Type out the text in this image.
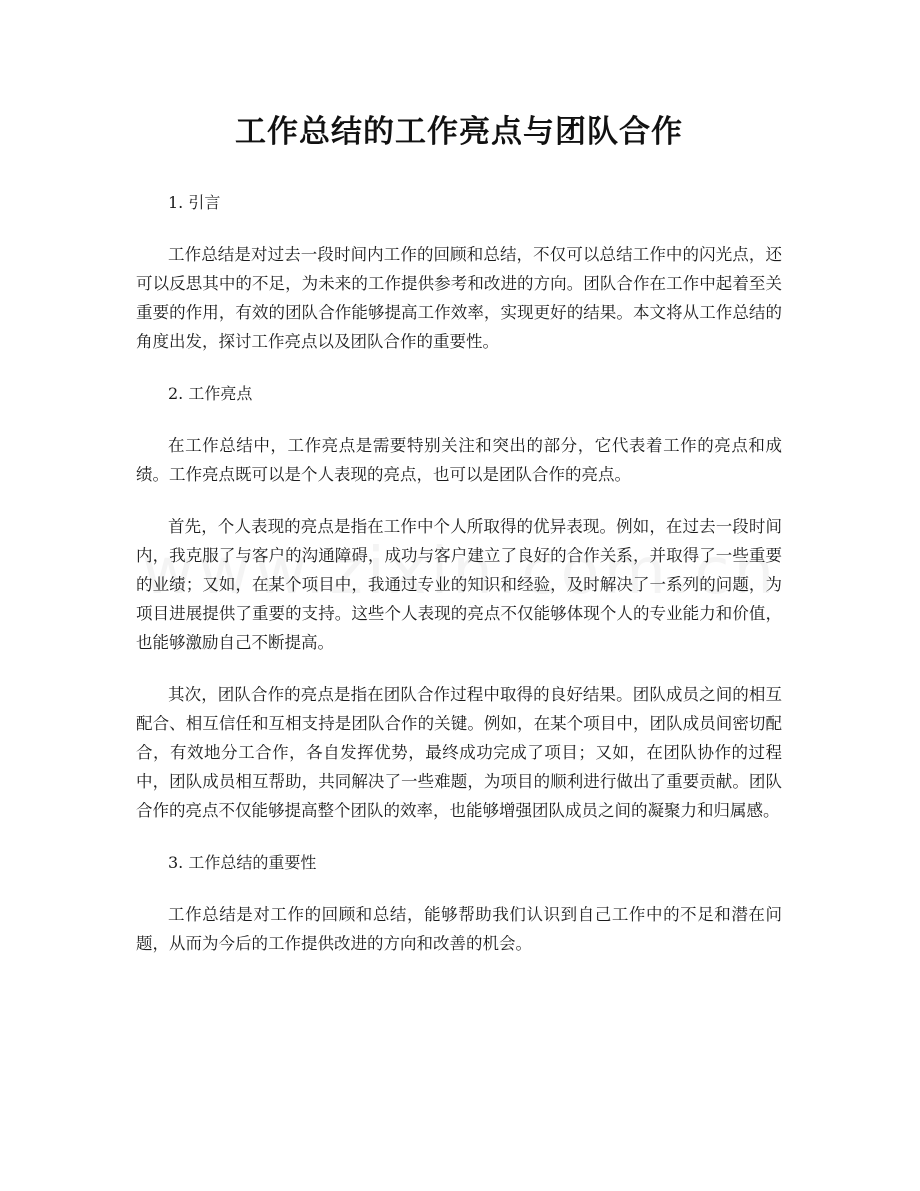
工作总结的工作亮点与团队合作

1. 引言

工作总结是对过去一段时间内工作的回顾和总结，不仅可以总结工作中的闪光点，还可以反思其中的不足，为未来的工作提供参考和改进的方向。团队合作在工作中起着至关重要的作用，有效的团队合作能够提高工作效率，实现更好的结果。本文将从工作总结的角度出发，探讨工作亮点以及团队合作的重要性。

2. 工作亮点

在工作总结中，工作亮点是需要特别关注和突出的部分，它代表着工作的亮点和成绩。工作亮点既可以是个人表现的亮点，也可以是团队合作的亮点。

首先，个人表现的亮点是指在工作中个人所取得的优异表现。例如，在过去一段时间内，我克服了与客户的沟通障碍，成功与客户建立了良好的合作关系，并取得了一些重要的业绩；又如，在某个项目中，我通过专业的知识和经验，及时解决了一系列的问题，为项目进展提供了重要的支持。这些个人表现的亮点不仅能够体现个人的专业能力和价值，也能够激励自己不断提高。

其次，团队合作的亮点是指在团队合作过程中取得的良好结果。团队成员之间的相互配合、相互信任和互相支持是团队合作的关键。例如，在某个项目中，团队成员间密切配合，有效地分工合作，各自发挥优势，最终成功完成了项目；又如，在团队协作的过程中，团队成员相互帮助，共同解决了一些难题，为项目的顺利进行做出了重要贡献。团队合作的亮点不仅能够提高整个团队的效率，也能够增强团队成员之间的凝聚力和归属感。

3. 工作总结的重要性

工作总结是对工作的回顾和总结，能够帮助我们认识到自己工作中的不足和潜在问题，从而为今后的工作提供改进的方向和改善的机会。
